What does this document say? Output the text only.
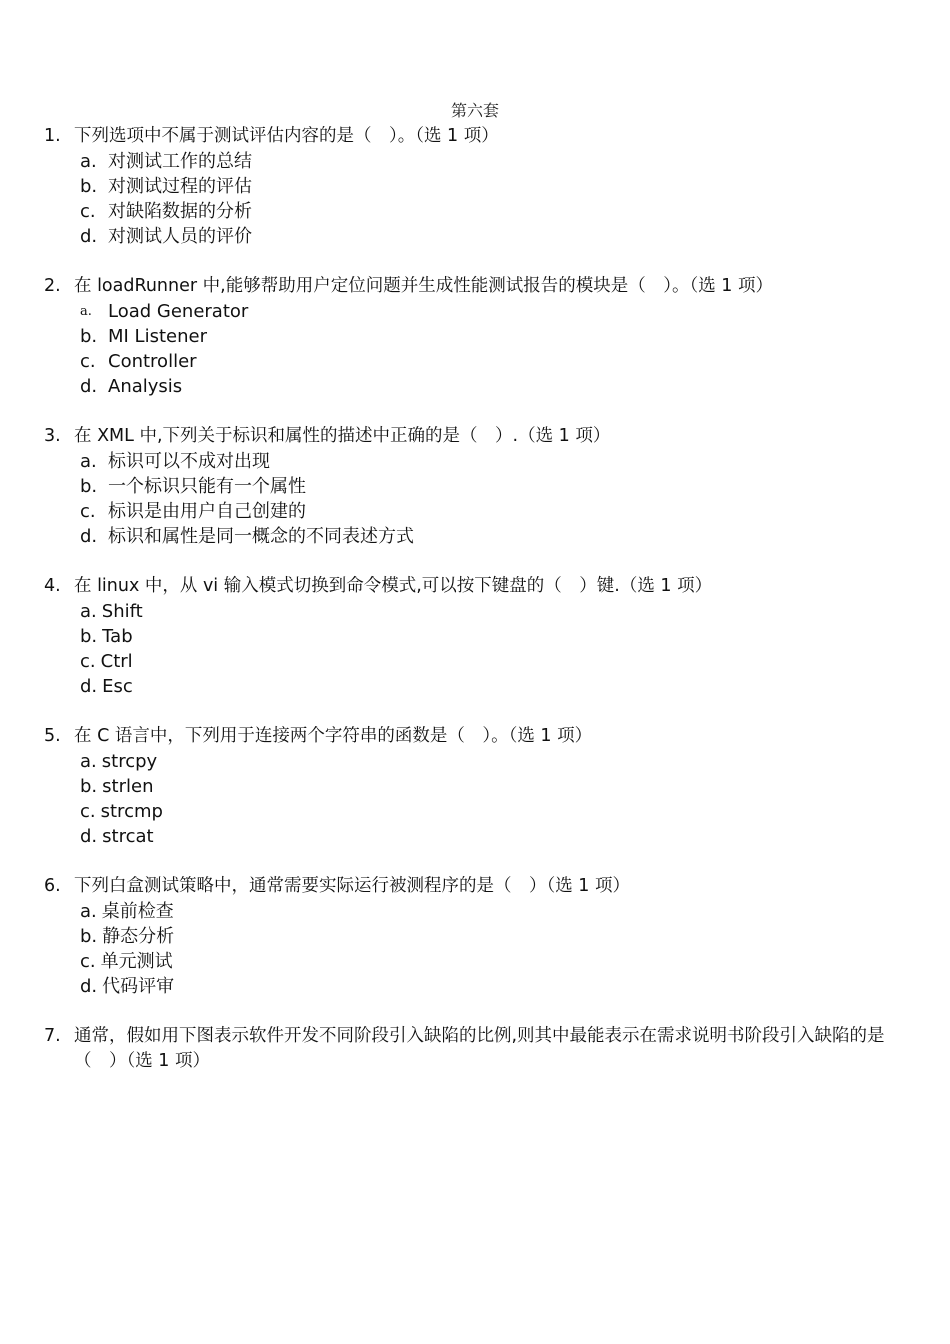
第六套
1. 下列选项中不属于测试评估内容的是（　）。（选 1 项）
a. 对测试工作的总结
b. 对测试过程的评估
c. 对缺陷数据的分析
d. 对测试人员的评价
2. 在 loadRunner 中,能够帮助用户定位问题并生成性能测试报告的模块是（　）。（选 1 项）
a. Load Generator
b. MI Listener
c. Controller
d. Analysis
3. 在 XML 中,下列关于标识和属性的描述中正确的是（　）.（选 1 项）
a. 标识可以不成对出现
b. 一个标识只能有一个属性
c. 标识是由用户自己创建的
d. 标识和属性是同一概念的不同表述方式
4. 在 linux 中，从 vi 输入模式切换到命令模式,可以按下键盘的（　）键.（选 1 项）
a. Shift
b. Tab
c. Ctrl
d. Esc
5. 在 C 语言中，下列用于连接两个字符串的函数是（　）。（选 1 项）
a. strcpy
b. strlen
c. strcmp
d. strcat
6. 下列白盒测试策略中，通常需要实际运行被测程序的是（　）（选 1 项）
a. 桌前检查
b. 静态分析
c. 单元测试
d. 代码评审
7. 通常，假如用下图表示软件开发不同阶段引入缺陷的比例,则其中最能表示在需求说明书阶段引入缺陷的是（　）（选 1 项）
